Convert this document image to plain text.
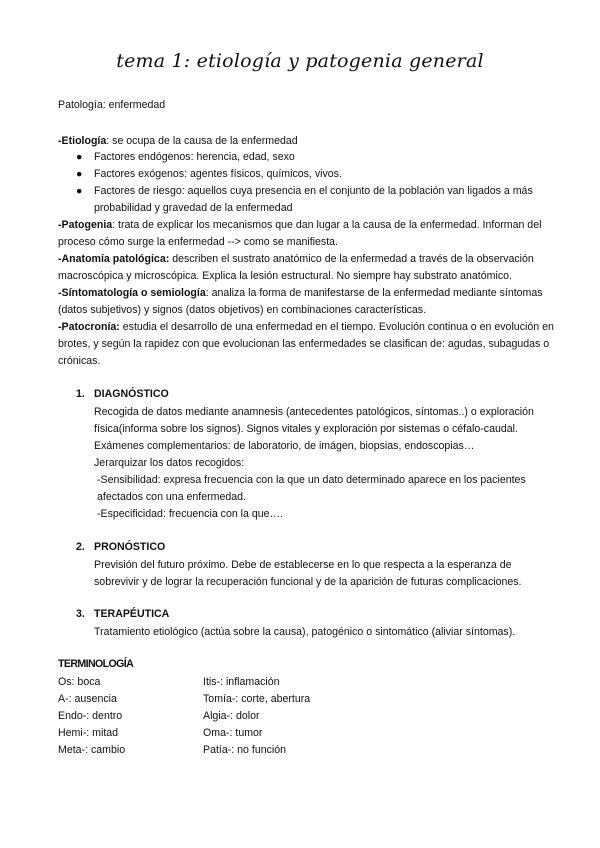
tema 1: etiología y patogenia general
Patología: enfermedad
-Etiología: se ocupa de la causa de la enfermedad
● Factores endógenos: herencia, edad, sexo
● Factores exógenos: agentes físicos, químicos, vivos.
● Factores de riesgo: aquellos cuya presencia en el conjunto de la población van ligados a más probabilidad y gravedad de la enfermedad
-Patogenia: trata de explicar los mecanismos que dan lugar a la causa de la enfermedad. Informan del proceso cómo surge la enfermedad --> como se manifiesta.
-Anatomía patológica: describen el sustrato anatómico de la enfermedad a través de la observación macroscópica y microscópica. Explica la lesión estructural. No siempre hay substrato anatómico.
-Síntomatología o semiología: analiza la forma de manifestarse de la enfermedad mediante síntomas (datos subjetivos) y signos (datos objetivos) en combinaciones características.
-Patocronía: estudia el desarrollo de una enfermedad en el tiempo. Evolución continua o en evolución en brotes, y según la rapidez con que evolucionan las enfermedades se clasifican de: agudas, subagudas o crónicas.
1. DIAGNÓSTICO
Recogida de datos mediante anamnesis (antecedentes patológicos, síntomas..) o exploración física(informa sobre los signos). Signos vitales y exploración por sistemas o céfalo-caudal.
Exámenes complementarios: de laboratorio, de imágen, biopsias, endoscopias…
Jerarquizar los datos recogidos:
-Sensibilidad: expresa frecuencia con la que un dato determinado aparece en los pacientes afectados con una enfermedad.
-Especificidad: frecuencia con la que….
2. PRONÓSTICO
Previsión del futuro próximo. Debe de establecerse en lo que respecta a la esperanza de sobrevivir y de lograr la recuperación funcional y de la aparición de futuras complicaciones.
3. TERAPÉUTICA
Tratamiento etiológico (actúa sobre la causa), patogénico o sintomático (aliviar síntomas).
TERMINOLOGÍA
Os: boca
A-: ausencia
Endo-: dentro
Hemi-: mitad
Meta-: cambio
Itis-: inflamación
Tomía-: corte, abertura
Algia-: dolor
Oma-: tumor
Patía-: no función
